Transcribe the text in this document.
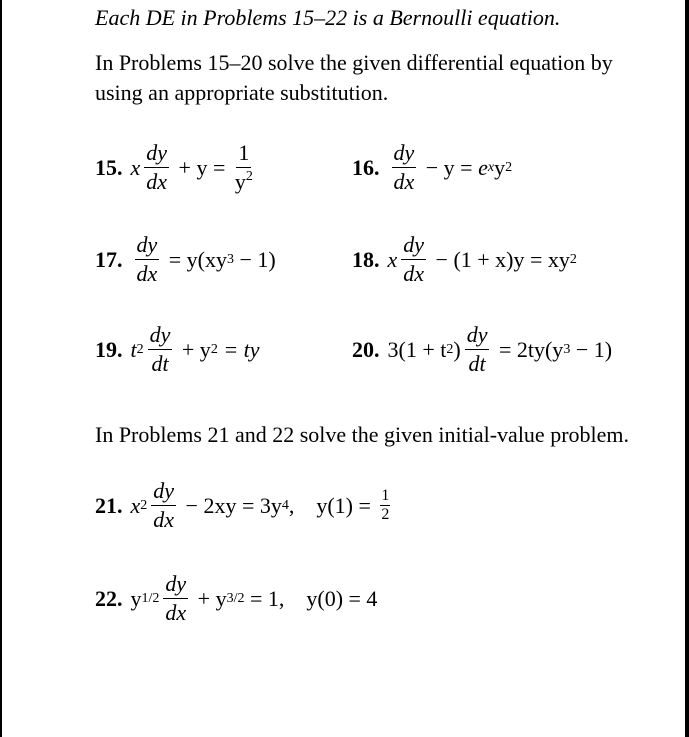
Each DE in Problems 15–22 is a Bernoulli equation.
In Problems 15–20 solve the given differential equation by
using an appropriate substitution.
15. x $\frac{dy}{dx} + y = \frac{1}{y^2}$	16. $\frac{dy}{dx} - y = e$ x y 2
17. $\frac{dy}{dx} = y(xy$ 3 − 1)	18. x $\frac{dy}{dx} - (1 + x)y$ = xy 2
19. t $2 \frac{dy}{dt} + y$ 2 = ty	20. 3(1 + t 2 ) $\frac{dy}{dt} = 2ty(y$ 3 − 1)
In Problems 21 and 22 solve the given initial-value problem.
21. x $2 \frac{dy}{dx} - 2xy = 3y$ 4 ,    $y(1) = \frac{1}{2}$
22. y $1/2 \frac{dy}{dx} + y$ 3/2 = 1,    y(0) = 4
